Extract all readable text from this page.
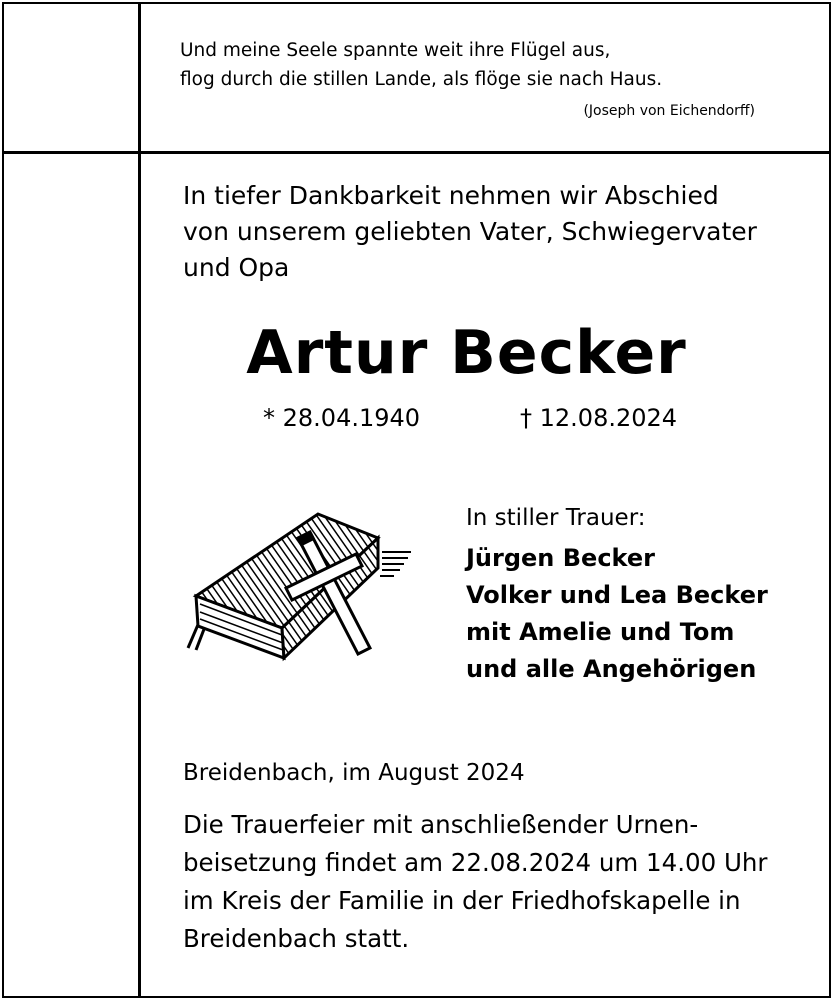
Und meine Seele spannte weit ihre Flügel aus,
flog durch die stillen Lande, als flöge sie nach Haus.
(Joseph von Eichendorff)
In tiefer Dankbarkeit nehmen wir Abschied
von unserem geliebten Vater, Schwiegervater
und Opa
Artur Becker
* 28.04.1940	† 12.08.2024
In stiller Trauer:
Jürgen Becker
Volker und Lea Becker
mit Amelie und Tom
und alle Angehörigen
Breidenbach, im August 2024
Die Trauerfeier mit anschließender Urnen-
beisetzung findet am 22.08.2024 um 14.00 Uhr
im Kreis der Familie in der Friedhofskapelle in
Breidenbach statt.
